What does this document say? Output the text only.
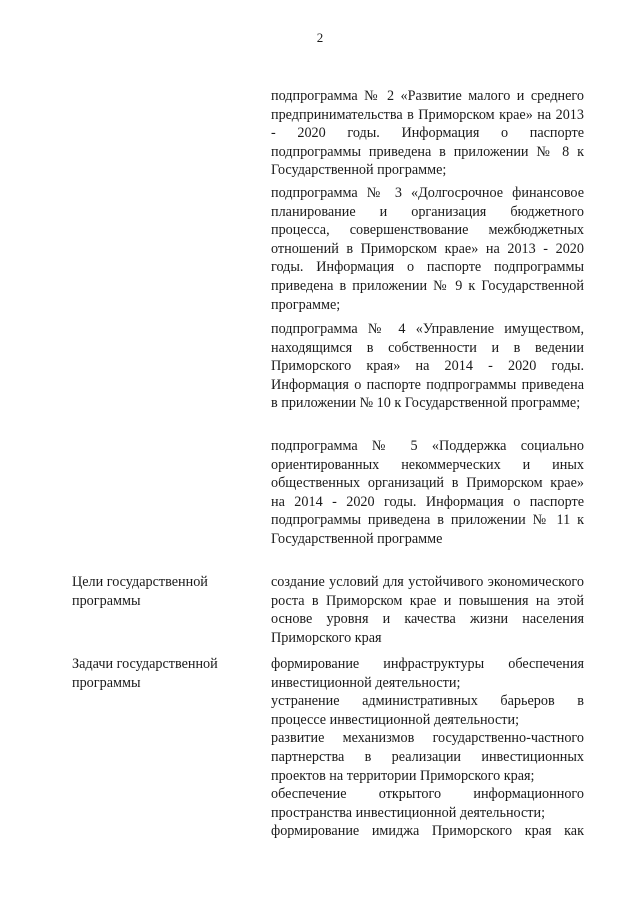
2

подпрограмма № 2 «Развитие малого и среднего предпринимательства в Приморском крае» на 2013 - 2020 годы. Информация о паспорте подпрограммы приведена в приложении № 8 к Государственной программе;

подпрограмма № 3 «Долгосрочное финансовое планирование и организация бюджетного процесса, совершенствование межбюджетных отношений в Приморском крае» на 2013 - 2020 годы. Информация о паспорте подпрограммы приведена в приложении № 9 к Государственной программе;

подпрограмма № 4 «Управление имуществом, находящимся в собственности и в ведении Приморского края» на 2014 - 2020 годы. Информация о паспорте подпрограммы приведена в приложении № 10 к Государственной программе;

подпрограмма № 5 «Поддержка социально ориентированных некоммерческих и иных общественных организаций в Приморском крае» на 2014 - 2020 годы. Информация о паспорте подпрограммы приведена в приложении № 11 к Государственной программе

Цели государственной программы

создание условий для устойчивого экономического роста в Приморском крае и повышения на этой основе уровня и качества жизни населения Приморского края

Задачи государственной программы

формирование инфраструктуры обеспечения инвестиционной деятельности;
устранение административных барьеров в процессе инвестиционной деятельности;
развитие механизмов государственно-частного партнерства в реализации инвестиционных проектов на территории Приморского края;
обеспечение открытого информационного пространства инвестиционной деятельности;
формирование имиджа Приморского края как
